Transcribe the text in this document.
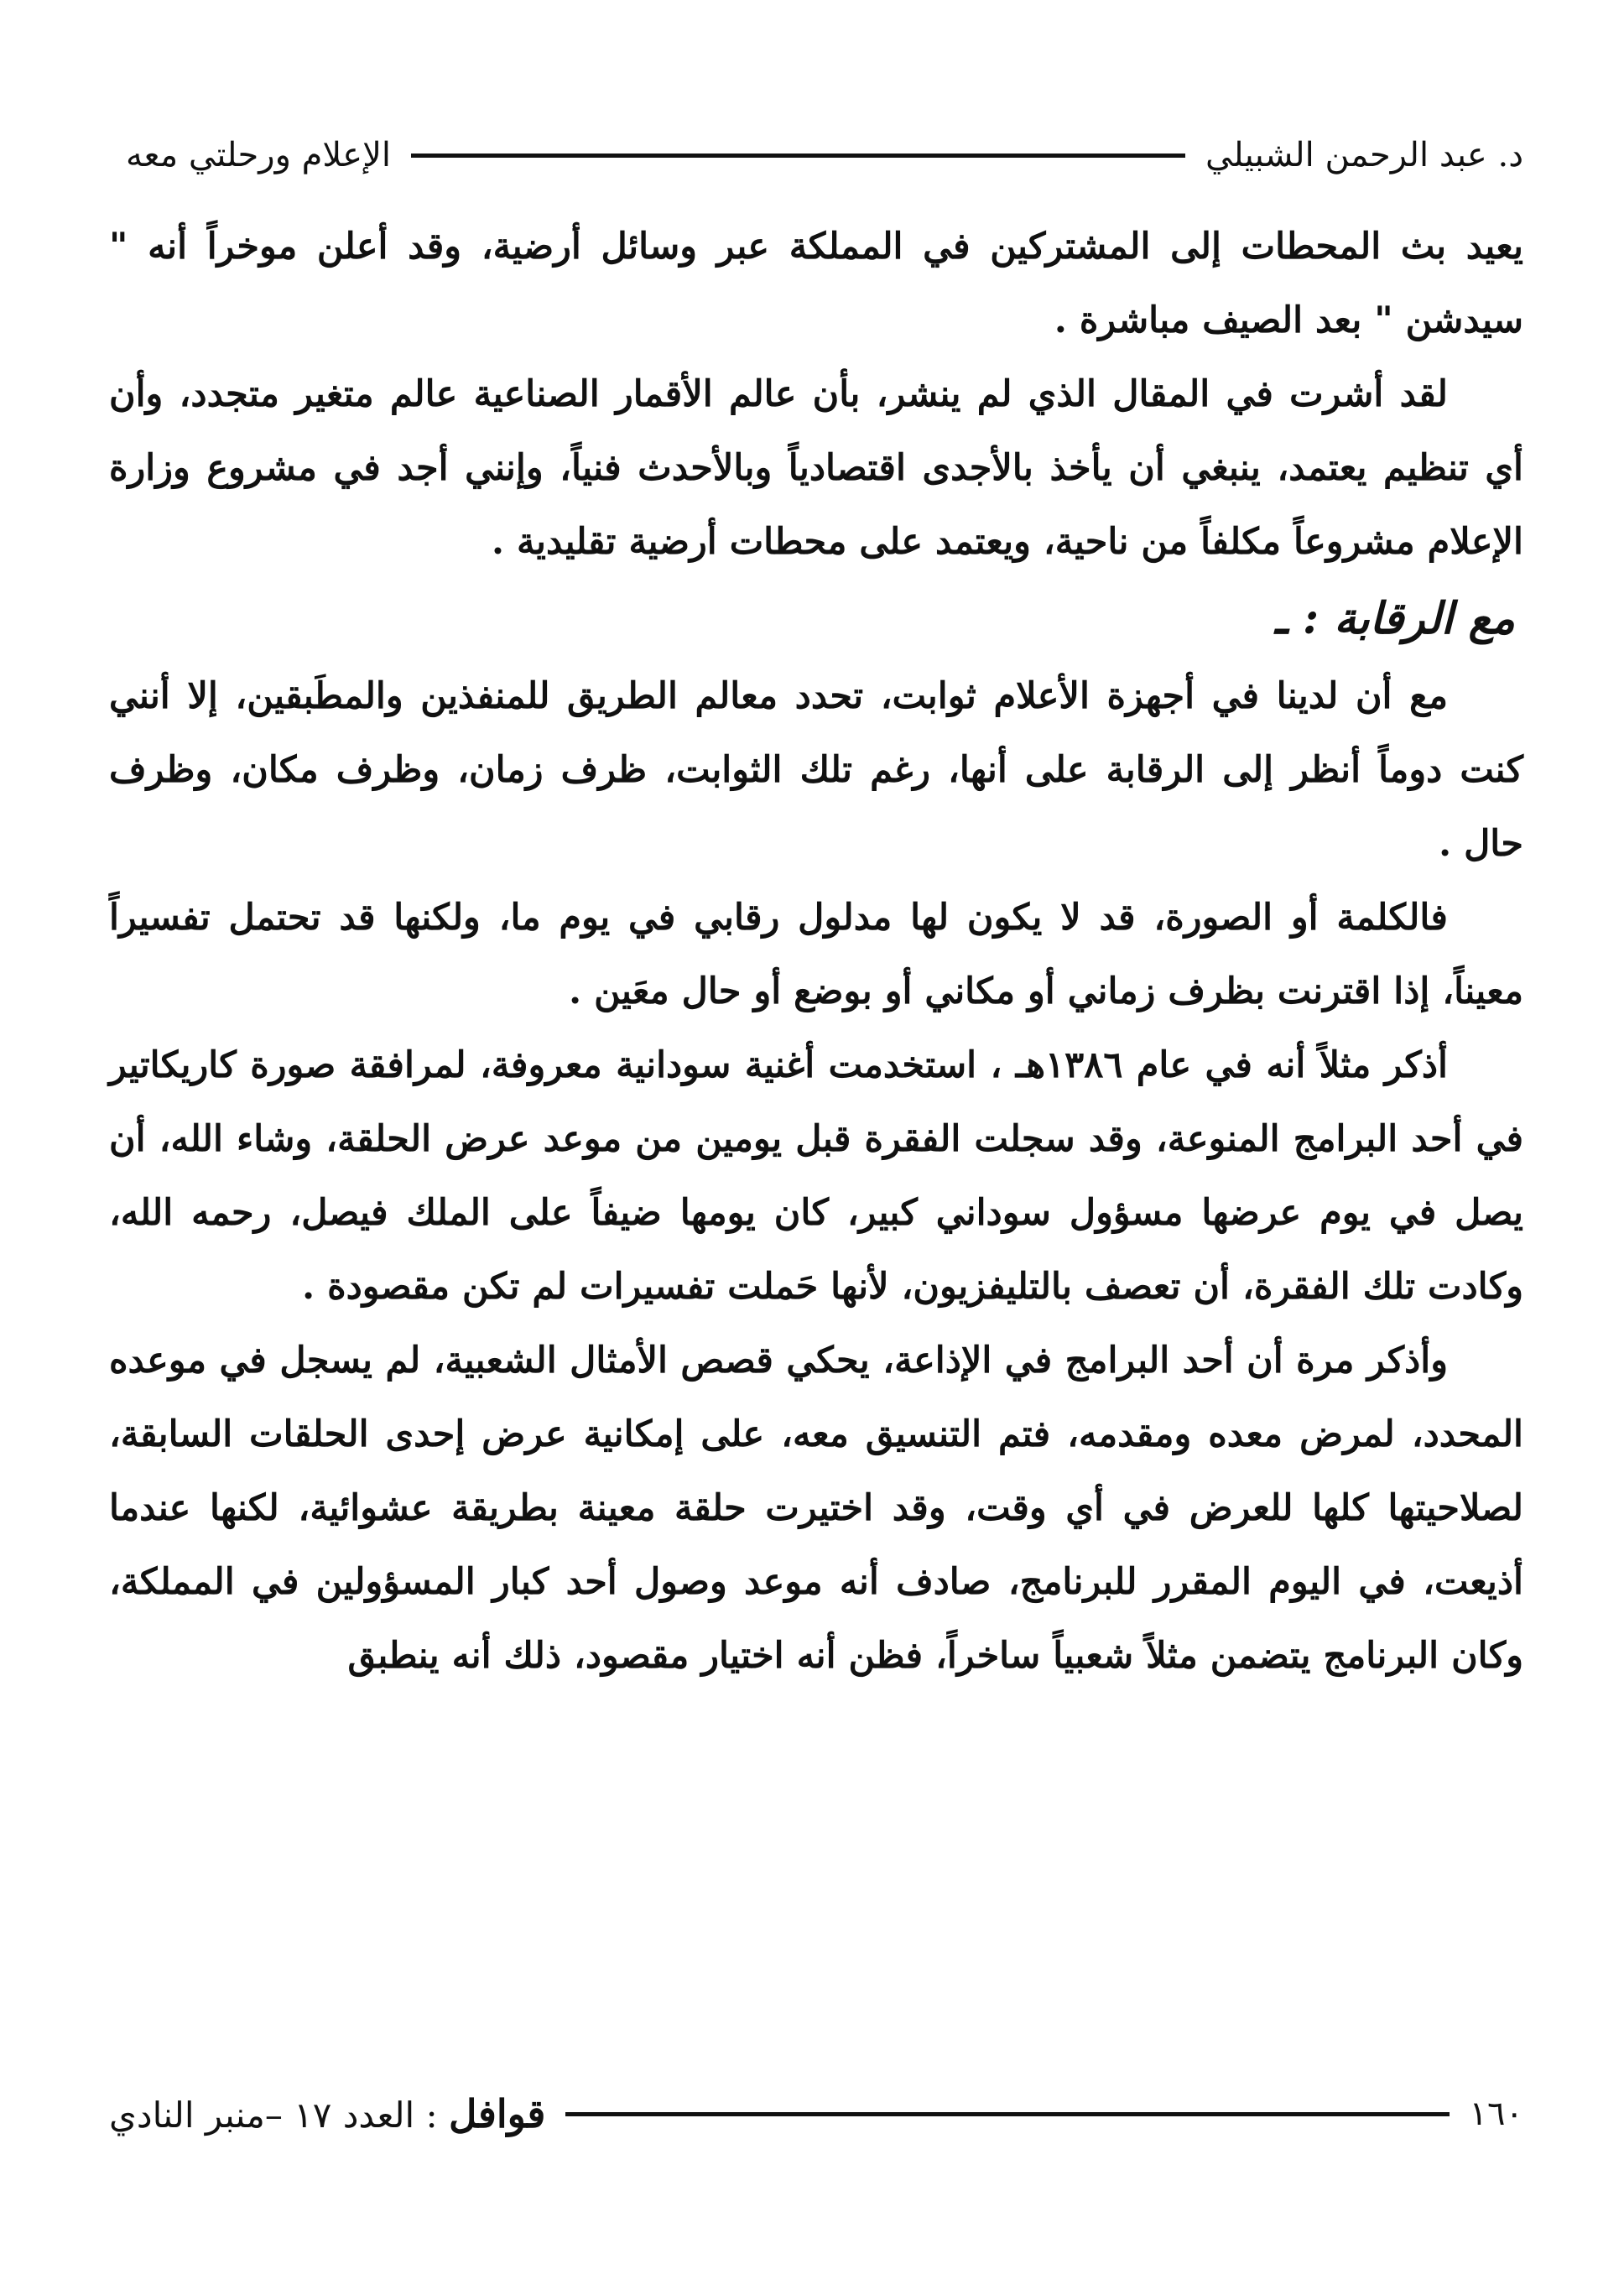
الإعلام ورحلتي معه	د. عبد الرحمن الشبيلي

يعيد بث المحطات إلى المشتركين في المملكة عبر وسائل أرضية، وقد أعلن موخراً أنه " سيدشن " بعد الصيف مباشرة .

لقد أشرت في المقال الذي لم ينشر، بأن عالم الأقمار الصناعية عالم متغير متجدد، وأن أي تنظيم يعتمد، ينبغي أن يأخذ بالأجدى اقتصادياً وبالأحدث فنياً، وإنني أجد في مشروع وزارة الإعلام مشروعاً مكلفاً من ناحية، ويعتمد على محطات أرضية تقليدية .

مع الرقابة : ـ

مع أن لدينا في أجهزة الأعلام ثوابت، تحدد معالم الطريق للمنفذين والمطَبقين، إلا أنني كنت دوماً أنظر إلى الرقابة على أنها، رغم تلك الثوابت، ظرف زمان، وظرف مكان، وظرف حال .

فالكلمة أو الصورة، قد لا يكون لها مدلول رقابي في يوم ما، ولكنها قد تحتمل تفسيراً معيناً، إذا اقترنت بظرف زماني أو مكاني أو بوضع أو حال معَين .

أذكر مثلاً أنه في عام ١٣٨٦هـ ، استخدمت أغنية سودانية معروفة، لمرافقة صورة كاريكاتير في أحد البرامج المنوعة، وقد سجلت الفقرة قبل يومين من موعد عرض الحلقة، وشاء الله، أن يصل في يوم عرضها مسؤول سوداني كبير، كان يومها ضيفاً على الملك فيصل، رحمه الله، وكادت تلك الفقرة، أن تعصف بالتليفزيون، لأنها حَملت تفسيرات لم تكن مقصودة .

وأذكر مرة أن أحد البرامج في الإذاعة، يحكي قصص الأمثال الشعبية، لم يسجل في موعده المحدد، لمرض معده ومقدمه، فتم التنسيق معه، على إمكانية عرض إحدى الحلقات السابقة، لصلاحيتها كلها للعرض في أي وقت، وقد اختيرت حلقة معينة بطريقة عشوائية، لكنها عندما أذيعت، في اليوم المقرر للبرنامج، صادف أنه موعد وصول أحد كبار المسؤولين في المملكة، وكان البرنامج يتضمن مثلاً شعبياً ساخراً، فظن أنه اختيار مقصود، ذلك أنه ينطبق

قوافل : العدد ١٧ –منبر النادي	١٦٠
